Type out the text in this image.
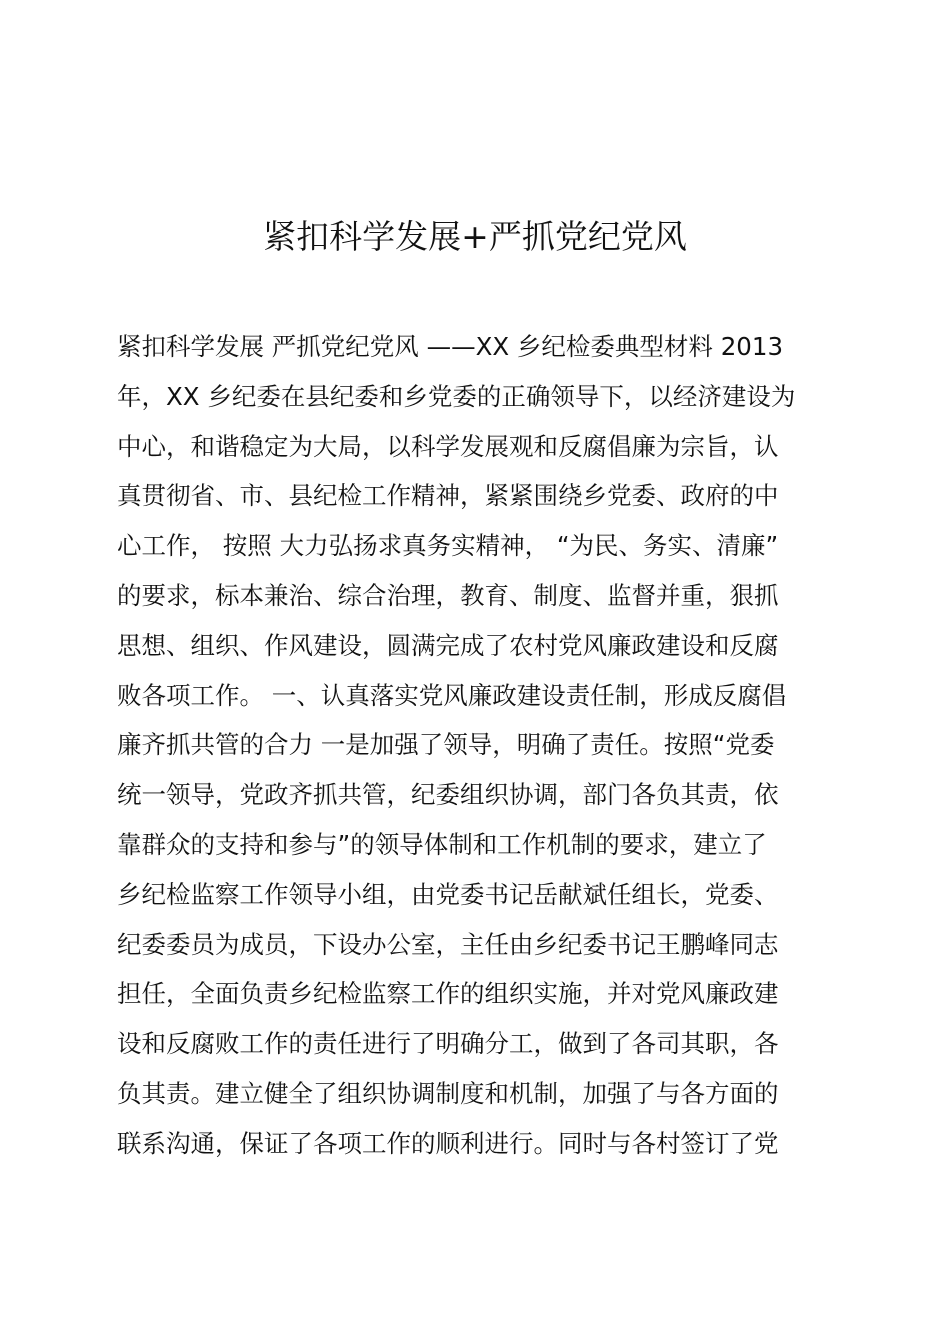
紧扣科学发展+严抓党纪党风
紧扣科学发展 严抓党纪党风 ——XX 乡纪检委典型材料 2013
年，XX 乡纪委在县纪委和乡党委的正确领导下，以经济建设为
中心，和谐稳定为大局，以科学发展观和反腐倡廉为宗旨，认
真贯彻省、市、县纪检工作精神，紧紧围绕乡党委、政府的中
心工作， 按照 大力弘扬求真务实精神， “为民、务实、清廉”
的要求，标本兼治、综合治理，教育、制度、监督并重，狠抓
思想、组织、作风建设，圆满完成了农村党风廉政建设和反腐
败各项工作。 一、认真落实党风廉政建设责任制，形成反腐倡
廉齐抓共管的合力 一是加强了领导，明确了责任。按照“党委
统一领导，党政齐抓共管，纪委组织协调，部门各负其责，依
靠群众的支持和参与”的领导体制和工作机制的要求，建立了
乡纪检监察工作领导小组，由党委书记岳献斌任组长，党委、
纪委委员为成员，下设办公室，主任由乡纪委书记王鹏峰同志
担任，全面负责乡纪检监察工作的组织实施，并对党风廉政建
设和反腐败工作的责任进行了明确分工，做到了各司其职，各
负其责。建立健全了组织协调制度和机制，加强了与各方面的
联系沟通，保证了各项工作的顺利进行。同时与各村签订了党
